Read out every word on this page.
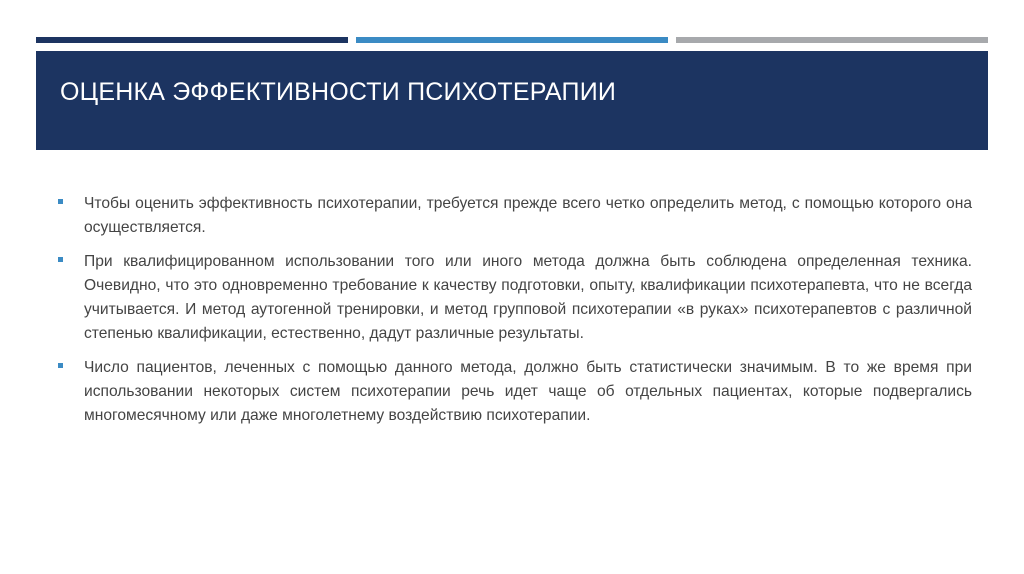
ОЦЕНКА ЭФФЕКТИВНОСТИ ПСИХОТЕРАПИИ
Чтобы оценить эффективность психотерапии, требуется прежде всего четко определить метод, с помощью которого она осуществляется.
При квалифицированном использовании того или иного метода должна быть соблюдена определенная техника. Очевидно, что это одновременно требование к качеству подготовки, опыту, квалификации психотерапевта, что не всегда учитывается. И метод аутогенной тренировки, и метод групповой психотерапии «в руках» психотерапевтов с различной степенью квалификации, естественно, дадут различные результаты.
Число пациентов, леченных с помощью данного метода, должно быть статистически значимым. В то же время при использовании некоторых систем психотерапии речь идет чаще об отдельных пациентах, которые подвергались многомесячному или даже многолетнему воздействию психотерапии.
